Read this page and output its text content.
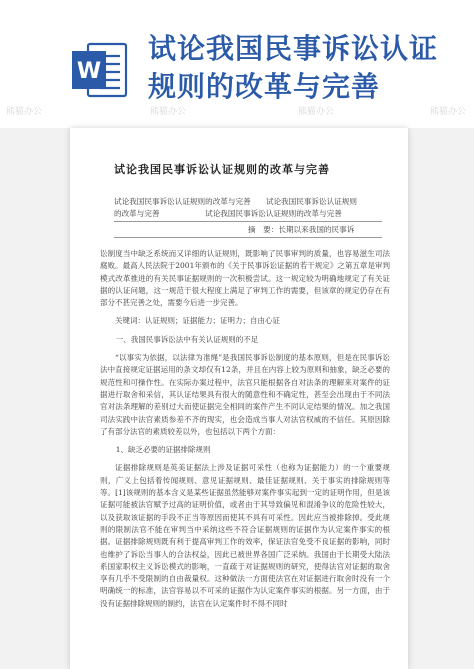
W
试论我国民事诉讼认证
规则的改革与完善
熊猫办公	熊猫办公	熊猫办公	熊猫办公
试论我国民事诉讼认证规则的改革与完善
试论我国民事诉讼认证规则的改革与完善　　试论我国民事诉讼认证规则
的改革与完善　　　　　　试论我国民事诉讼认证规则的改革与完善
摘　要：长期以来我国的民事诉

讼制度当中缺乏系统而又详细的认证规则，既影响了民事审判的质量，也容易滋生司法腐败。最高人民法院于2001年颁布的《关于民事诉讼证据的若干规定》之第五章是审判模式改革推进的有关民事证据规则的一次积极尝试。这一规定较为明确地规定了有关证据的认证问题，这一规范于很大程度上满足了审判工作的需要，但该章的规定仍存在有部分不甚完善之处，需要今后进一步完善。

关键词：认证规则；证据能力；证明力；自由心证

一、我国民事诉讼法中有关认证规则的不足

“以事实为依据，以法律为准绳”是我国民事诉讼制度的基本原则，但是在民事诉讼法中直接规定证据运用的条文却仅有12条，并且在内容上较为原则和抽象，缺乏必要的规范性和可操作性。在实际办案过程中，法官只能根据各自对法条的理解来对案件的证据进行取舍和采信，其认证结果具有很大的随意性和不确定性，甚至会出现由于不同法官对法条理解的差别过大而使证据完全相同的案件产生不同认定结果的情况。加之我国司法实践中法官素质参差不齐的现实，也会造成当事人对法官权威的不信任。其原因除了有部分法官的素质较差以外，也包括以下两个方面：

1、缺乏必要的证据排除规则

证据排除规则是英美证据法上涉及证据可采性（也称为证据能力）的一个重要规则，广义上包括着传闻规则、意见证据规则、最佳证据规则、关于事实的排除规则等等。[1]该规则的基本含义是某些证据虽然能够对案件事实起到一定的证明作用，但是该证据可能被法官赋予过高的证明价值，或者由于其导致偏见和混淆争议的危险性较大，以及获取该证据的手段不正当等原因而使其不具有可采性。因此应当被排除掉。受此规则的限制法官不能在审判当中采纳这些不符合证据规则的证据作为认定案件事实的根据。证据排除规则既有利于提高审判工作的效率，保证法官免受不良证据的影响，同时也维护了诉讼当事人的合法权益，因此已被世界各国广泛采纳。我国由于长期受大陆法系国家职权主义诉讼模式的影响，一直疏于对证据规则的研究，使得法官对证据的取舍享有几乎不受限制的自由裁量权。这种做法一方面使法官在对证据进行取舍时没有一个明确统一的标准，法官容易以不可采的证据作为认定案件事实的根据。另一方面，由于没有证据排除规则的制约，法官在认定案件时不得不同时
